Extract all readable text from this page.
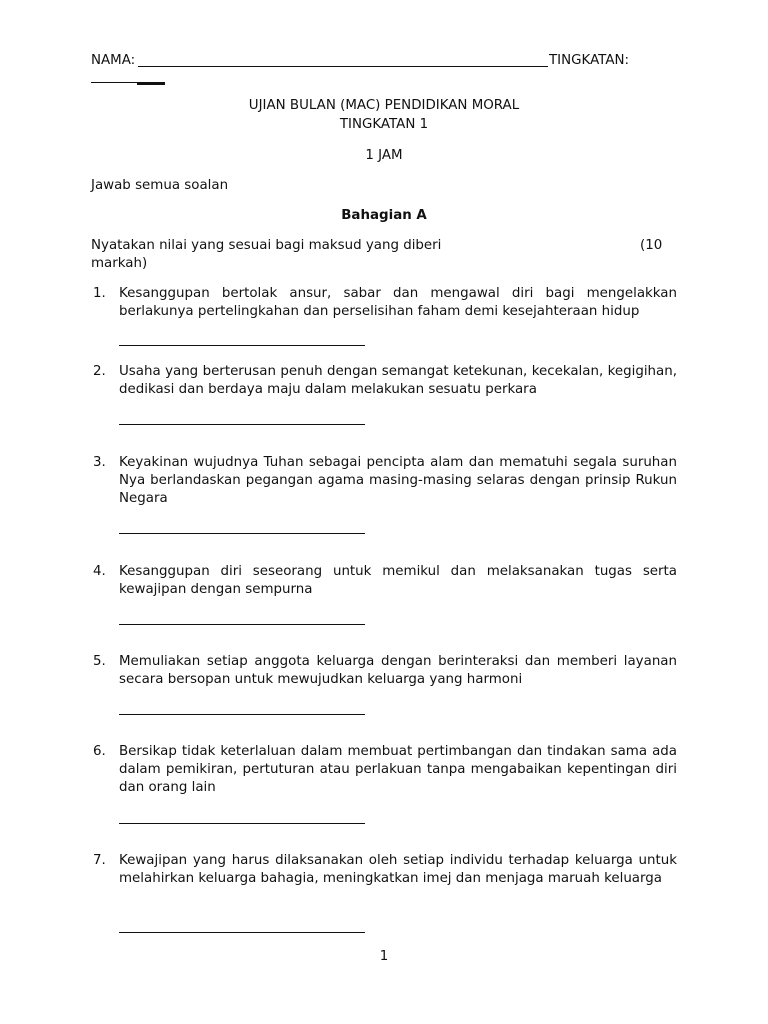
NAMA:	TINGKATAN:
UJIAN BULAN (MAC) PENDIDIKAN MORAL
TINGKATAN 1
1 JAM
Jawab semua soalan
Bahagian A
Nyatakan nilai yang sesuai bagi maksud yang diberi	(10
markah)
1. Kesanggupan bertolak ansur, sabar dan mengawal diri bagi mengelakkan berlakunya pertelingkahan dan perselisihan faham demi kesejahteraan hidup
2. Usaha yang berterusan penuh dengan semangat ketekunan, kecekalan, kegigihan, dedikasi dan berdaya maju dalam melakukan sesuatu perkara
3. Keyakinan wujudnya Tuhan sebagai pencipta alam dan mematuhi segala suruhan Nya berlandaskan pegangan agama masing-masing selaras dengan prinsip Rukun Negara
4. Kesanggupan diri seseorang untuk memikul dan melaksanakan tugas serta kewajipan dengan sempurna
5. Memuliakan setiap anggota keluarga dengan berinteraksi dan memberi layanan secara bersopan untuk mewujudkan keluarga yang harmoni
6. Bersikap tidak keterlaluan dalam membuat pertimbangan dan tindakan sama ada dalam pemikiran, pertuturan atau perlakuan tanpa mengabaikan kepentingan diri dan orang lain
7. Kewajipan yang harus dilaksanakan oleh setiap individu terhadap keluarga untuk melahirkan keluarga bahagia, meningkatkan imej dan menjaga maruah keluarga
1
